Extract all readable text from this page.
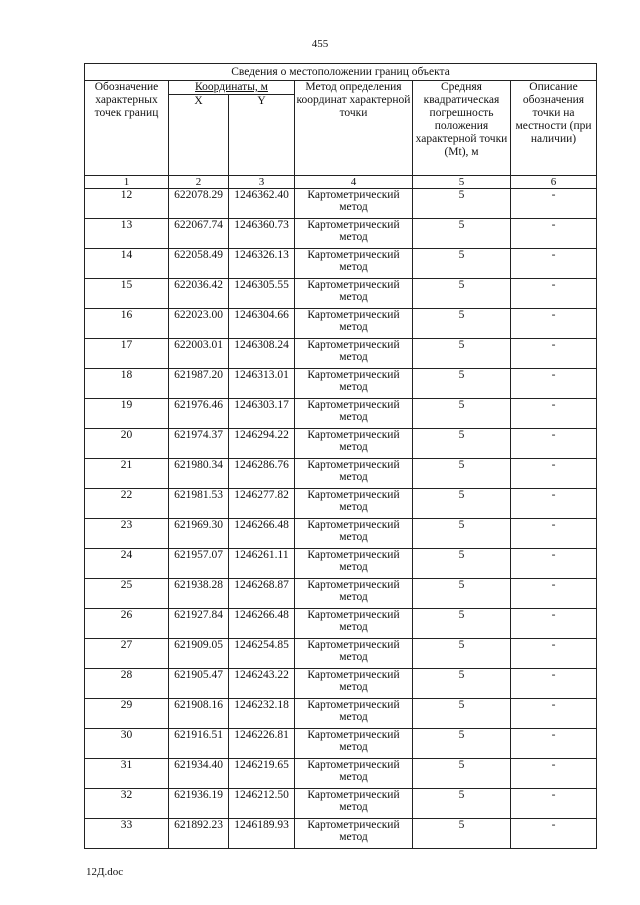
455
Сведения о местоположении границ объекта					
Обозначение характерных точек границ	Координаты, м		Метод определения координат характерной точки	Средняя квадратическая погрешность положения характерной точки (Mt), м	Описание обозначения точки на местности (при наличии)
	X	Y			
1	2	3	4	5	6
12	622078.29	1246362.40	Картометрический метод	5	-
13	622067.74	1246360.73	Картометрический метод	5	-
14	622058.49	1246326.13	Картометрический метод	5	-
15	622036.42	1246305.55	Картометрический метод	5	-
16	622023.00	1246304.66	Картометрический метод	5	-
17	622003.01	1246308.24	Картометрический метод	5	-
18	621987.20	1246313.01	Картометрический метод	5	-
19	621976.46	1246303.17	Картометрический метод	5	-
20	621974.37	1246294.22	Картометрический метод	5	-
21	621980.34	1246286.76	Картометрический метод	5	-
22	621981.53	1246277.82	Картометрический метод	5	-
23	621969.30	1246266.48	Картометрический метод	5	-
24	621957.07	1246261.11	Картометрический метод	5	-
25	621938.28	1246268.87	Картометрический метод	5	-
26	621927.84	1246266.48	Картометрический метод	5	-
27	621909.05	1246254.85	Картометрический метод	5	-
28	621905.47	1246243.22	Картометрический метод	5	-
29	621908.16	1246232.18	Картометрический метод	5	-
30	621916.51	1246226.81	Картометрический метод	5	-
31	621934.40	1246219.65	Картометрический метод	5	-
32	621936.19	1246212.50	Картометрический метод	5	-
33	621892.23	1246189.93	Картометрический метод	5	-
12Д.doc
